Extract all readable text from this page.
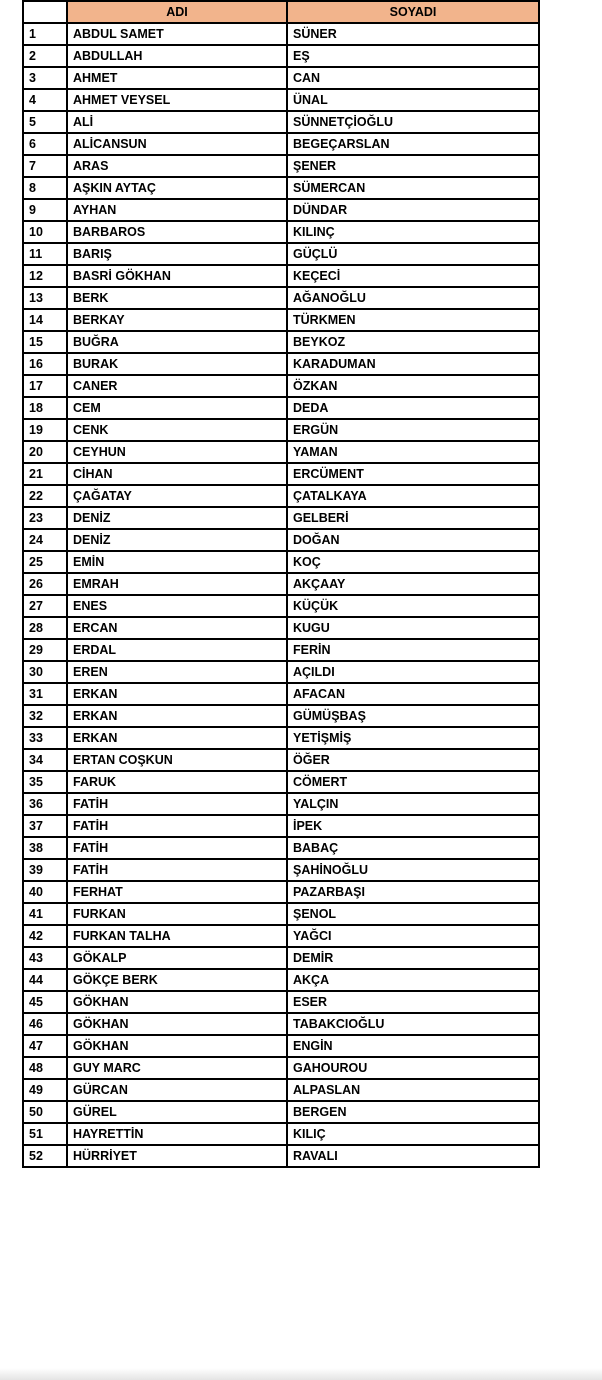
	ADI	SOYADI
1	ABDUL SAMET	SÜNER
2	ABDULLAH	EŞ
3	AHMET	CAN
4	AHMET VEYSEL	ÜNAL
5	ALİ	SÜNNETÇİOĞLU
6	ALİCANSUN	BEGEÇARSLAN
7	ARAS	ŞENER
8	AŞKIN AYTAÇ	SÜMERCAN
9	AYHAN	DÜNDAR
10	BARBAROS	KILINÇ
11	BARIŞ	GÜÇLÜ
12	BASRİ GÖKHAN	KEÇECİ
13	BERK	AĞANOĞLU
14	BERKAY	TÜRKMEN
15	BUĞRA	BEYKOZ
16	BURAK	KARADUMAN
17	CANER	ÖZKAN
18	CEM	DEDA
19	CENK	ERGÜN
20	CEYHUN	YAMAN
21	CİHAN	ERCÜMENT
22	ÇAĞATAY	ÇATALKAYA
23	DENİZ	GELBERİ
24	DENİZ	DOĞAN
25	EMİN	KOÇ
26	EMRAH	AKÇAAY
27	ENES	KÜÇÜK
28	ERCAN	KUGU
29	ERDAL	FERİN
30	EREN	AÇILDI
31	ERKAN	AFACAN
32	ERKAN	GÜMÜŞBAŞ
33	ERKAN	YETİŞMİŞ
34	ERTAN COŞKUN	ÖĞER
35	FARUK	CÖMERT
36	FATİH	YALÇIN
37	FATİH	İPEK
38	FATİH	BABAÇ
39	FATİH	ŞAHİNOĞLU
40	FERHAT	PAZARBAŞI
41	FURKAN	ŞENOL
42	FURKAN TALHA	YAĞCI
43	GÖKALP	DEMİR
44	GÖKÇE BERK	AKÇA
45	GÖKHAN	ESER
46	GÖKHAN	TABAKCIOĞLU
47	GÖKHAN	ENGİN
48	GUY MARC	GAHOUROU
49	GÜRCAN	ALPASLAN
50	GÜREL	BERGEN
51	HAYRETTİN	KILIÇ
52	HÜRRİYET	RAVALI
